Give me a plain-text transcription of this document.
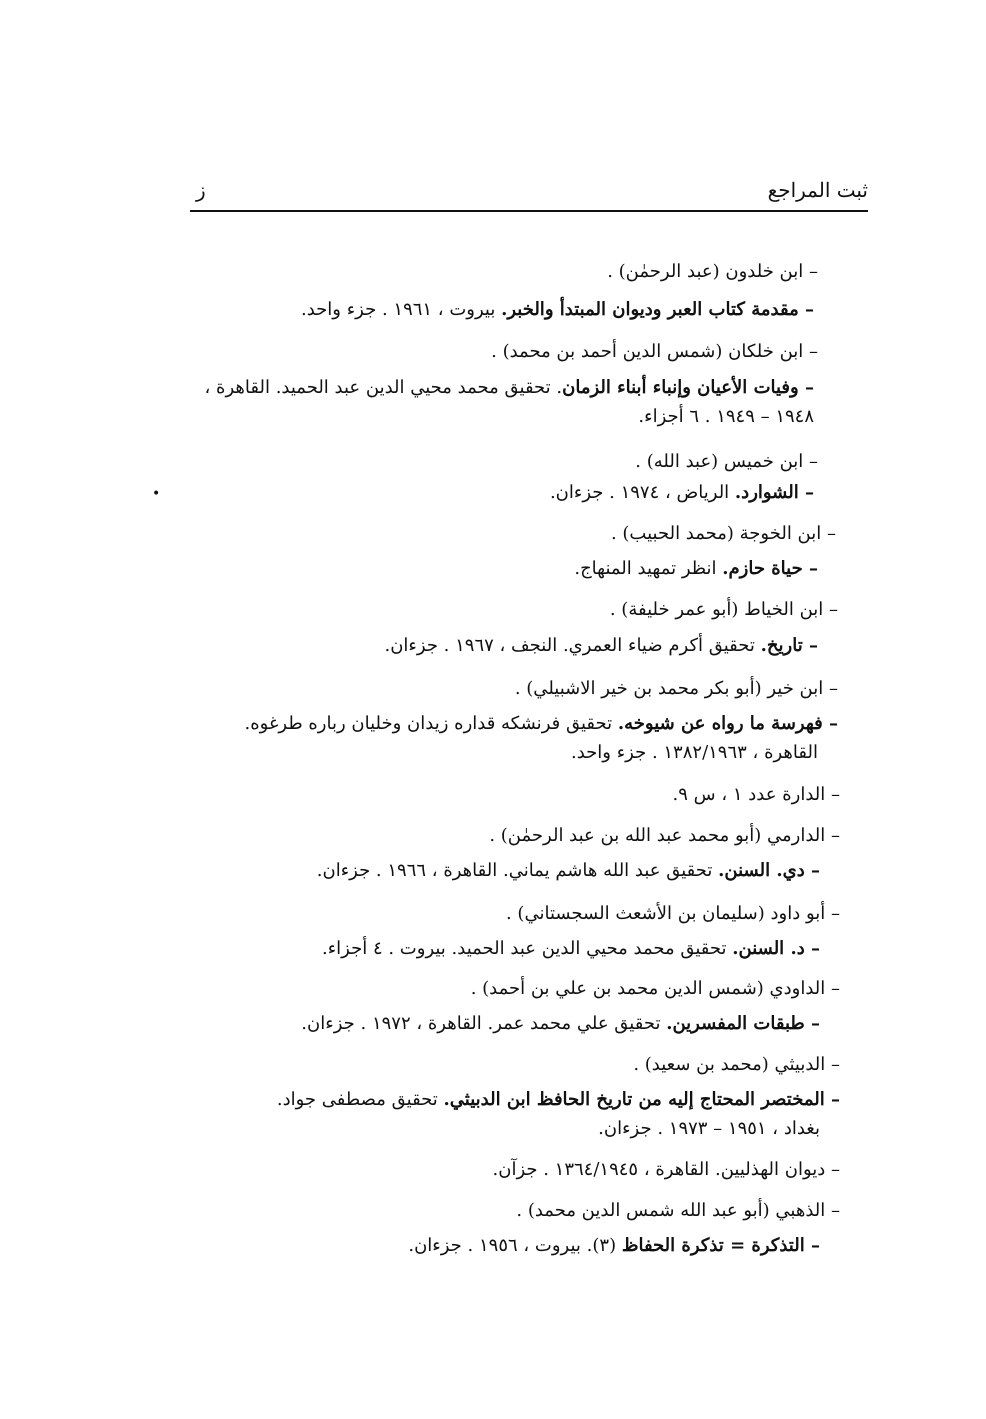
ثبت المراجع
ز
•
– ابن خلدون (عبد الرحمٰن) .
– مقدمة كتاب العبر وديوان المبتدأ والخبر. بيروت ، ١٩٦١ . جزء واحد.
– ابن خلكان (شمس الدين أحمد بن محمد) .
– وفيات الأعيان وإنباء أبناء الزمان. تحقيق محمد محيي الدين عبد الحميد. القاهرة ،
١٩٤٨ – ١٩٤٩ . ٦ أجزاء.
– ابن خميس (عبد الله) .
– الشوارد. الرياض ، ١٩٧٤ . جزءان.
– ابن الخوجة (محمد الحبيب) .
– حياة حازم. انظر تمهيد المنهاج.
– ابن الخياط (أبو عمر خليفة) .
– تاريخ. تحقيق أكرم ضياء العمري. النجف ، ١٩٦٧ . جزءان.
– ابن خير (أبو بكر محمد بن خير الاشبيلي) .
– فهرسة ما رواه عن شيوخه. تحقيق فرنشكه قداره زيدان وخليان رباره طرغوه.
القاهرة ، ١٣٨٢/١٩٦٣ . جزء واحد.
– الدارة عدد ١ ، س ٩.
– الدارمي (أبو محمد عبد الله بن عبد الرحمٰن) .
– دي. السنن. تحقيق عبد الله هاشم يماني. القاهرة ، ١٩٦٦ . جزءان.
– أبو داود (سليمان بن الأشعث السجستاني) .
– د. السنن. تحقيق محمد محيي الدين عبد الحميد. بيروت . ٤ أجزاء.
– الداودي (شمس الدين محمد بن علي بن أحمد) .
– طبقات المفسرين. تحقيق علي محمد عمر. القاهرة ، ١٩٧٢ . جزءان.
– الدبيثي (محمد بن سعيد) .
– المختصر المحتاج إليه من تاريخ الحافظ ابن الدبيثي. تحقيق مصطفى جواد.
بغداد ، ١٩٥١ – ١٩٧٣ . جزءان.
– ديوان الهذليين. القاهرة ، ١٣٦٤/١٩٤٥ . جزآن.
– الذهبي (أبو عبد الله شمس الدين محمد) .
– التذكرة = تذكرة الحفاظ (٣). بيروت ، ١٩٥٦ . جزءان.
